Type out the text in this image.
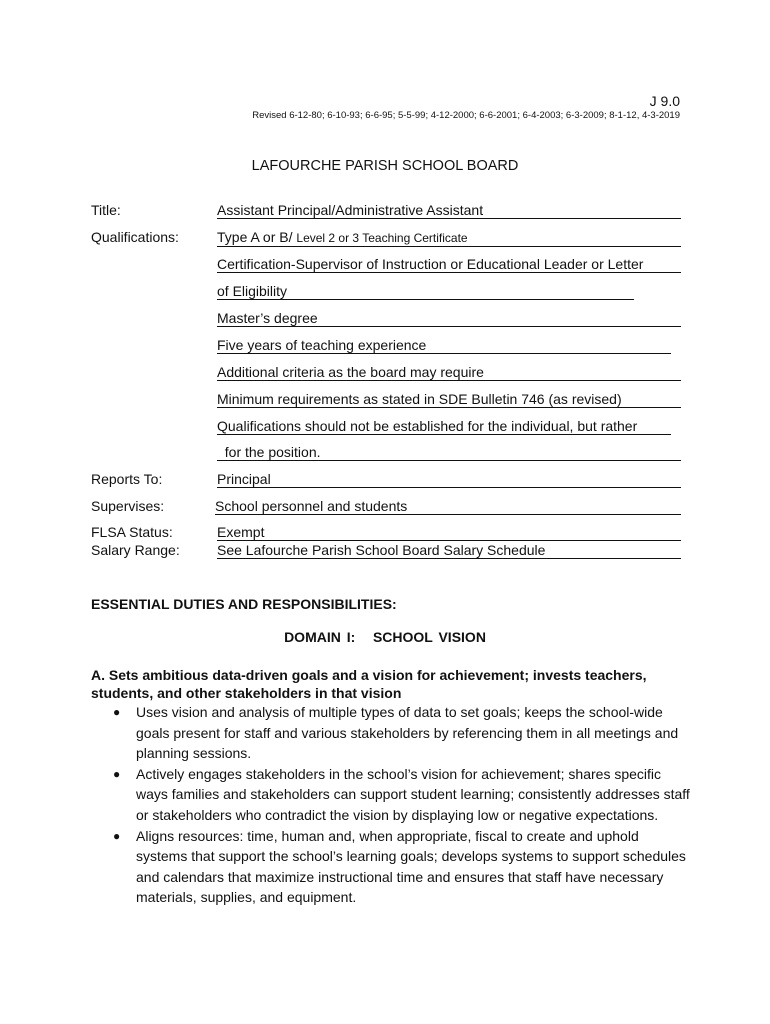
J 9.0
Revised 6-12-80; 6-10-93; 6-6-95; 5-5-99; 4-12-2000; 6-6-2001; 6-4-2003; 6-3-2009; 8-1-12, 4-3-2019
LAFOURCHE PARISH SCHOOL BOARD
Title:	Assistant Principal/Administrative Assistant
Qualifications:	Type A or B/ Level 2 or 3 Teaching Certificate
Certification-Supervisor of Instruction or Educational Leader or Letter
of Eligibility
Master’s degree
Five years of teaching experience
Additional criteria as the board may require
Minimum requirements as stated in SDE Bulletin 746 (as revised)
Qualifications should not be established for the individual, but rather
for the position.
Reports To:	Principal
Supervises:	School personnel and students
FLSA Status:	Exempt
Salary Range:	See Lafourche Parish School Board Salary Schedule
ESSENTIAL DUTIES AND RESPONSIBILITIES:
DOMAIN I:   SCHOOL VISION
A. Sets ambitious data-driven goals and a vision for achievement; invests teachers, students, and other stakeholders in that vision
● Uses vision and analysis of multiple types of data to set goals; keeps the school-wide goals present for staff and various stakeholders by referencing them in all meetings and planning sessions.
● Actively engages stakeholders in the school’s vision for achievement; shares specific ways families and stakeholders can support student learning; consistently addresses staff or stakeholders who contradict the vision by displaying low or negative expectations.
● Aligns resources: time, human and, when appropriate, fiscal to create and uphold systems that support the school’s learning goals; develops systems to support schedules and calendars that maximize instructional time and ensures that staff have necessary materials, supplies, and equipment.
